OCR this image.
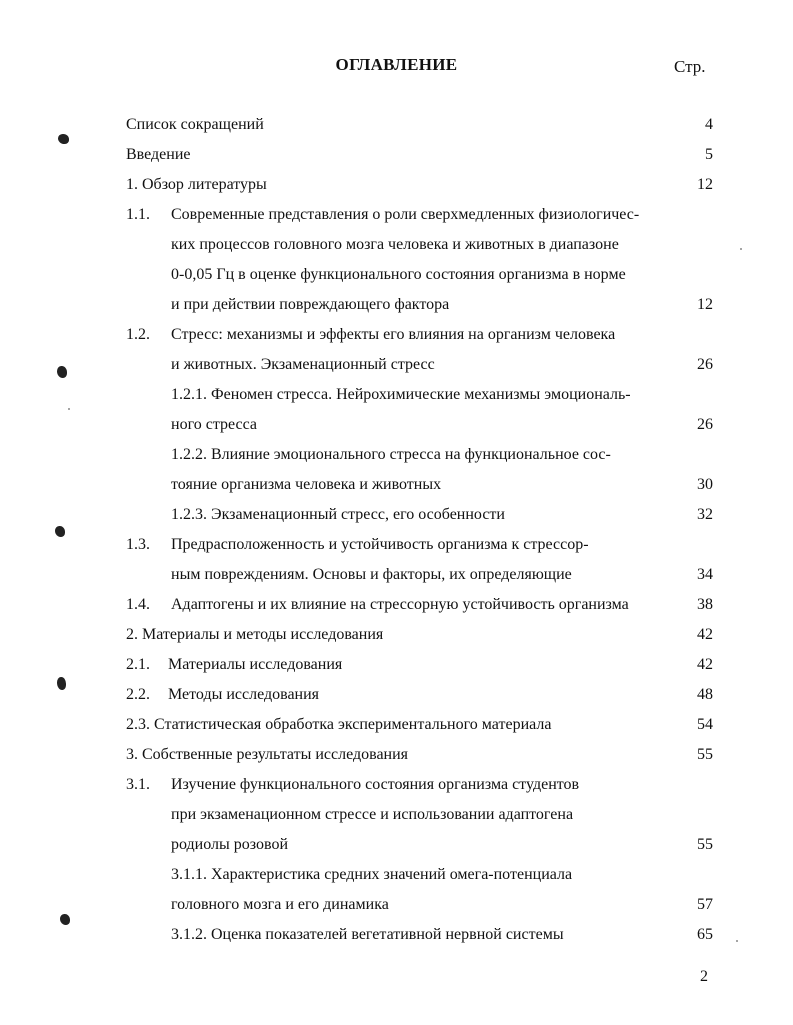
ОГЛАВЛЕНИЕ	Стр.
Список сокращений	4
Введение	5
1. Обзор литературы	12
1.1. Современные представления о роли сверхмедленных физиологичес-
ких процессов головного мозга человека и животных в диапазоне
0-0,05 Гц в оценке функционального состояния организма в норме
и при действии повреждающего фактора	12
1.2. Стресс: механизмы и эффекты его влияния на организм человека
и животных. Экзаменационный стресс	26
1.2.1. Феномен стресса. Нейрохимические механизмы эмоциональ-
ного стресса	26
1.2.2. Влияние эмоционального стресса на функциональное сос-
тояние организма человека и животных	30
1.2.3. Экзаменационный стресс, его особенности	32
1.3. Предрасположенность и устойчивость организма к стрессор-
ным повреждениям. Основы и факторы, их определяющие	34
1.4. Адаптогены и их влияние на стрессорную устойчивость организма	38
2. Материалы и методы исследования	42
2.1. Материалы исследования	42
2.2. Методы исследования	48
2.3. Статистическая обработка экспериментального материала	54
3. Собственные результаты исследования	55
3.1. Изучение функционального состояния организма студентов
при экзаменационном стрессе и использовании адаптогена
родиолы розовой	55
3.1.1. Характеристика средних значений омега-потенциала
головного мозга и его динамика	57
3.1.2. Оценка показателей вегетативной нервной системы	65
2
